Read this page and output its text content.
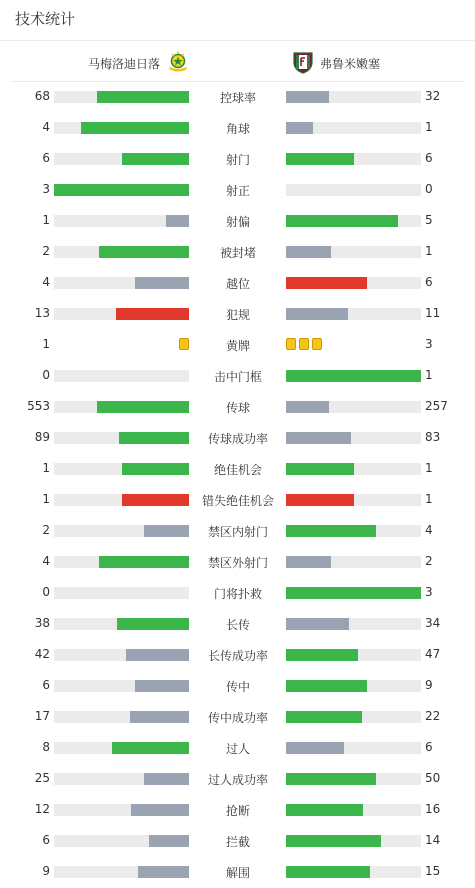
技术统计
马梅洛迪日落	弗鲁米嫩塞
68	控球率	32
4	角球	1
6	射门	6
3	射正	0
1	射偏	5
2	被封堵	1
4	越位	6
13	犯规	11
1	黄牌	3
0	击中门框	1
553	传球	257
89	传球成功率	83
1	绝佳机会	1
1	错失绝佳机会	1
2	禁区内射门	4
4	禁区外射门	2
0	门将扑救	3
38	长传	34
42	长传成功率	47
6	传中	9
17	传中成功率	22
8	过人	6
25	过人成功率	50
12	抢断	16
6	拦截	14
9	解围	15
